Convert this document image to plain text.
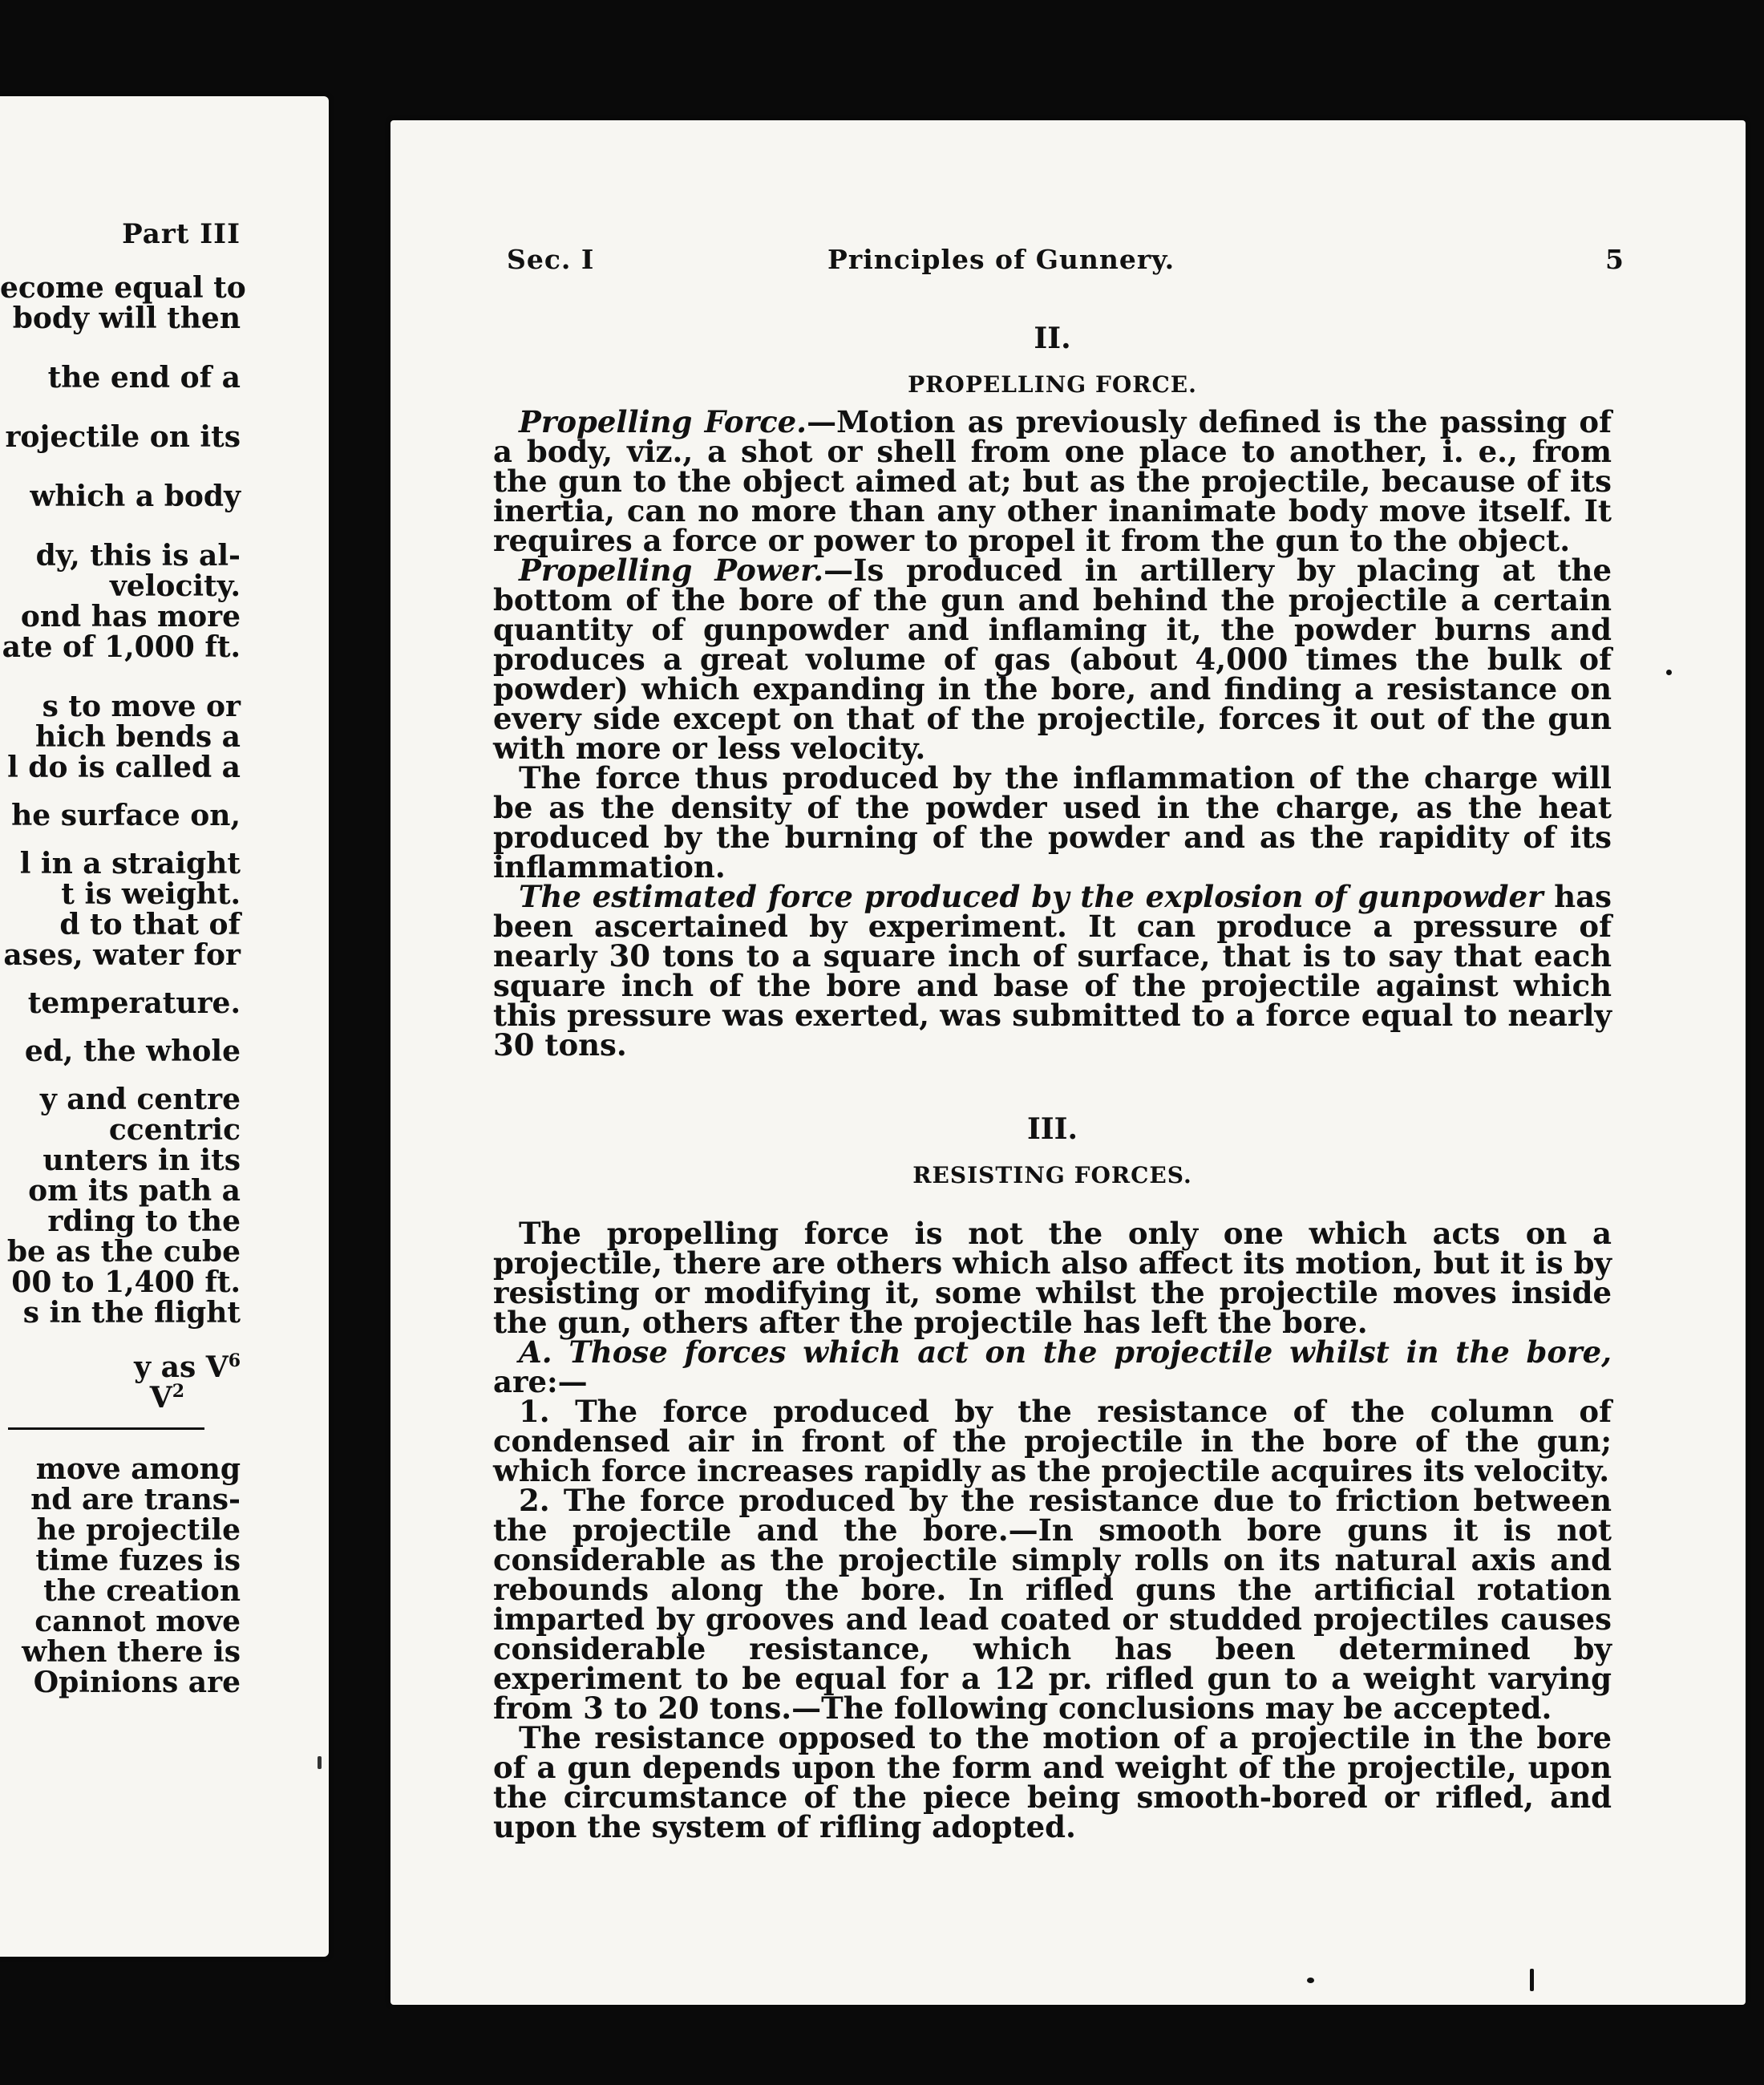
Part III
ecome equal to
body will then
the end of a
rojectile on its
which a body
dy, this is al-
velocity.
ond has more
ate of 1,000 ft.
s to move or
hich bends a
l do is called a
he surface on,
l in a straight
t is weight.
d to that of
ases, water for
temperature.
ed, the whole
y and centre
ccentric
unters in its
om its path a
rding to the
be as the cube
00 to 1,400 ft.
s in the flight
y as $V^6$
$V^2$
move among
nd are trans-
he projectile
time fuzes is
the creation
cannot move
when there is
Opinions are
Sec. I	Principles of Gunnery.	5
II.
PROPELLING FORCE.

Propelling Force.—Motion as previously defined is the passing of a body, viz., a shot or shell from one place to another, i. e., from the gun to the object aimed at; but as the projectile, because of its inertia, can no more than any other inanimate body move itself. It requires a force or power to propel it from the gun to the object.

Propelling Power.—Is produced in artillery by placing at the bottom of the bore of the gun and behind the projectile a certain quantity of gunpowder and inflaming it, the powder burns and produces a great volume of gas (about 4,000 times the bulk of powder) which expanding in the bore, and finding a resistance on every side except on that of the projectile, forces it out of the gun with more or less velocity.

The force thus produced by the inflammation of the charge will be as the density of the powder used in the charge, as the heat produced by the burning of the powder and as the rapidity of its inflammation.

The estimated force produced by the explosion of gunpowder has been ascertained by experiment. It can produce a pressure of nearly 30 tons to a square inch of surface, that is to say that each square inch of the bore and base of the projectile against which this pressure was exerted, was submitted to a force equal to nearly 30 tons.

III.
RESISTING FORCES.

The propelling force is not the only one which acts on a projectile, there are others which also affect its motion, but it is by resisting or modifying it, some whilst the projectile moves inside the gun, others after the projectile has left the bore.

A. Those forces which act on the projectile whilst in the bore, are:—

1. The force produced by the resistance of the column of condensed air in front of the projectile in the bore of the gun; which force increases rapidly as the projectile acquires its velocity.

2. The force produced by the resistance due to friction between the projectile and the bore.—In smooth bore guns it is not considerable as the projectile simply rolls on its natural axis and rebounds along the bore. In rifled guns the artificial rotation imparted by grooves and lead coated or studded projectiles causes considerable resistance, which has been determined by experiment to be equal for a 12 pr. rifled gun to a weight varying from 3 to 20 tons.—The following conclusions may be accepted.

The resistance opposed to the motion of a projectile in the bore of a gun depends upon the form and weight of the projectile, upon the circumstance of the piece being smooth-bored or rifled, and upon the system of rifling adopted.
